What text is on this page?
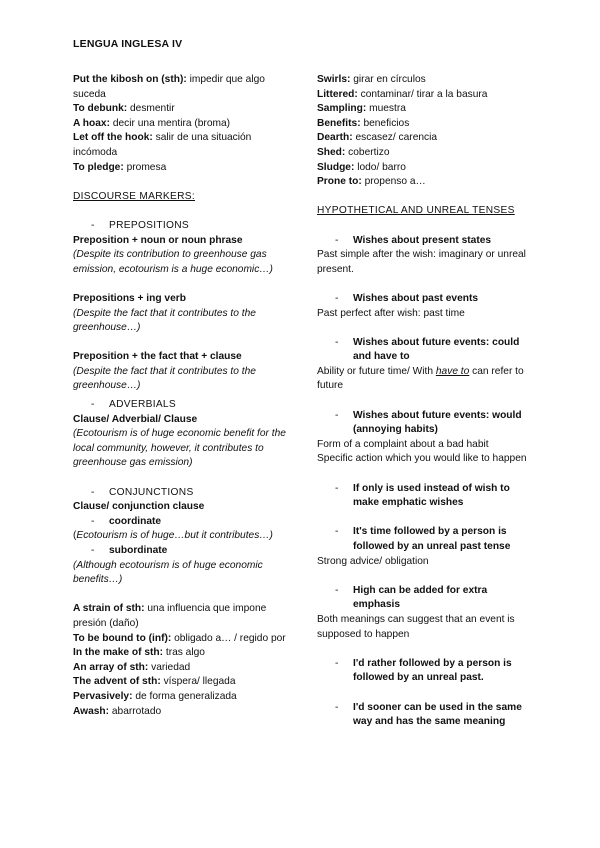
LENGUA INGLESA IV
Put the kibosh on (sth): impedir que algo suceda
To debunk: desmentir
A hoax: decir una mentira (broma)
Let off the hook: salir de una situación incómoda
To pledge: promesa
DISCOURSE MARKERS:
- PREPOSITIONS
Preposition + noun or noun phrase
(Despite its contribution to greenhouse gas emission, ecotourism is a huge economic…)
Prepositions + ing verb
(Despite the fact that it contributes to the greenhouse…)
Preposition + the fact that + clause
(Despite the fact that it contributes to the greenhouse…)
- ADVERBIALS
Clause/ Adverbial/ Clause
(Ecotourism is of huge economic benefit for the local community, however, it contributes to greenhouse gas emission)
- CONJUNCTIONS
Clause/ conjunction clause
-	coordinate
(Ecotourism is of huge…but it contributes…)
-	subordinate
(Although ecotourism is of huge economic benefits…)
A strain of sth: una influencia que impone presión (daño)
To be bound to (inf): obligado a… / regido por
In the make of sth: tras algo
An array of sth: variedad
The advent of sth: víspera/ llegada
Pervasively: de forma generalizada
Awash: abarrotado
Swirls: girar en círculos
Littered: contaminar/ tirar a la basura
Sampling: muestra
Benefits: beneficios
Dearth: escasez/ carencia
Shed: cobertizo
Sludge: lodo/ barro
Prone to: propenso a…
HYPOTHETICAL AND UNREAL TENSES
-	Wishes about present states
Past simple after the wish: imaginary or unreal present.
-	Wishes about past events
Past perfect after wish: past time
-	Wishes about future events: could and have to
Ability or future time/ With have to can refer to future
-	Wishes about future events: would (annoying habits)
Form of a complaint about a bad habit
Specific action which you would like to happen
-	If only is used instead of wish to make emphatic wishes
-	It's time followed by a person is followed by an unreal past tense
Strong advice/ obligation
-	High can be added for extra emphasis
Both meanings can suggest that an event is supposed to happen
-	I'd rather followed by a person is followed by an unreal past.
-	I'd sooner can be used in the same way and has the same meaning
